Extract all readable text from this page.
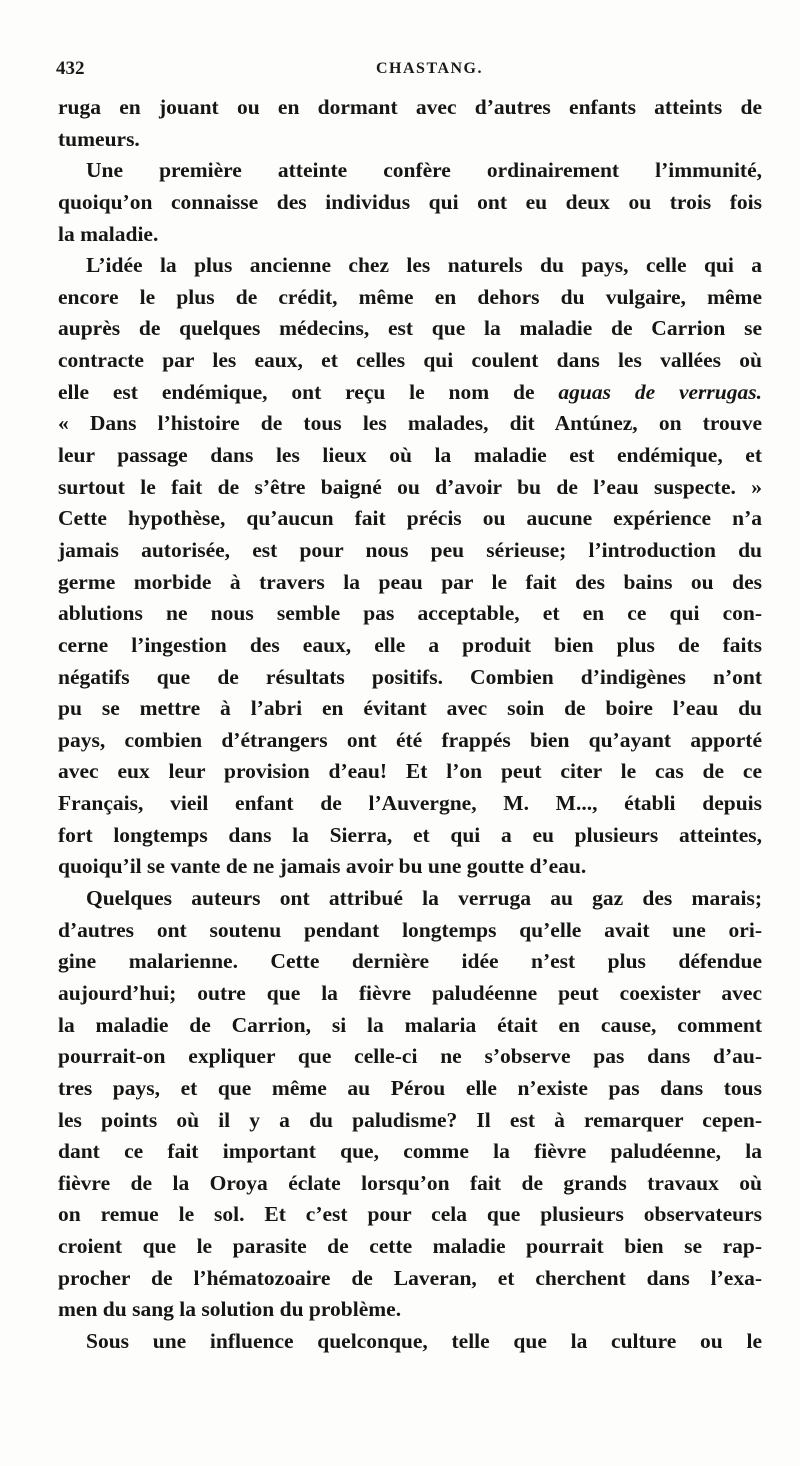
432	CHASTANG.
ruga en jouant ou en dormant avec d’autres enfants atteints de
tumeurs.
Une première atteinte confère ordinairement l’immunité,
quoiqu’on connaisse des individus qui ont eu deux ou trois fois
la maladie.
L’idée la plus ancienne chez les naturels du pays, celle qui a
encore le plus de crédit, même en dehors du vulgaire, même
auprès de quelques médecins, est que la maladie de Carrion se
contracte par les eaux, et celles qui coulent dans les vallées où
elle est endémique, ont reçu le nom de aguas de verrugas.
« Dans l’histoire de tous les malades, dit Antúnez, on trouve
leur passage dans les lieux où la maladie est endémique, et
surtout le fait de s’être baigné ou d’avoir bu de l’eau suspecte. »
Cette hypothèse, qu’aucun fait précis ou aucune expérience n’a
jamais autorisée, est pour nous peu sérieuse; l’introduction du
germe morbide à travers la peau par le fait des bains ou des
ablutions ne nous semble pas acceptable, et en ce qui con-
cerne l’ingestion des eaux, elle a produit bien plus de faits
négatifs que de résultats positifs. Combien d’indigènes n’ont
pu se mettre à l’abri en évitant avec soin de boire l’eau du
pays, combien d’étrangers ont été frappés bien qu’ayant apporté
avec eux leur provision d’eau! Et l’on peut citer le cas de ce
Français, vieil enfant de l’Auvergne, M. M..., établi depuis
fort longtemps dans la Sierra, et qui a eu plusieurs atteintes,
quoiqu’il se vante de ne jamais avoir bu une goutte d’eau.
Quelques auteurs ont attribué la verruga au gaz des marais;
d’autres ont soutenu pendant longtemps qu’elle avait une ori-
gine malarienne. Cette dernière idée n’est plus défendue
aujourd’hui; outre que la fièvre paludéenne peut coexister avec
la maladie de Carrion, si la malaria était en cause, comment
pourrait-on expliquer que celle-ci ne s’observe pas dans d’au-
tres pays, et que même au Pérou elle n’existe pas dans tous
les points où il y a du paludisme? Il est à remarquer cepen-
dant ce fait important que, comme la fièvre paludéenne, la
fièvre de la Oroya éclate lorsqu’on fait de grands travaux où
on remue le sol. Et c’est pour cela que plusieurs observateurs
croient que le parasite de cette maladie pourrait bien se rap-
procher de l’hématozoaire de Laveran, et cherchent dans l’exa-
men du sang la solution du problème.
Sous une influence quelconque, telle que la culture ou le
